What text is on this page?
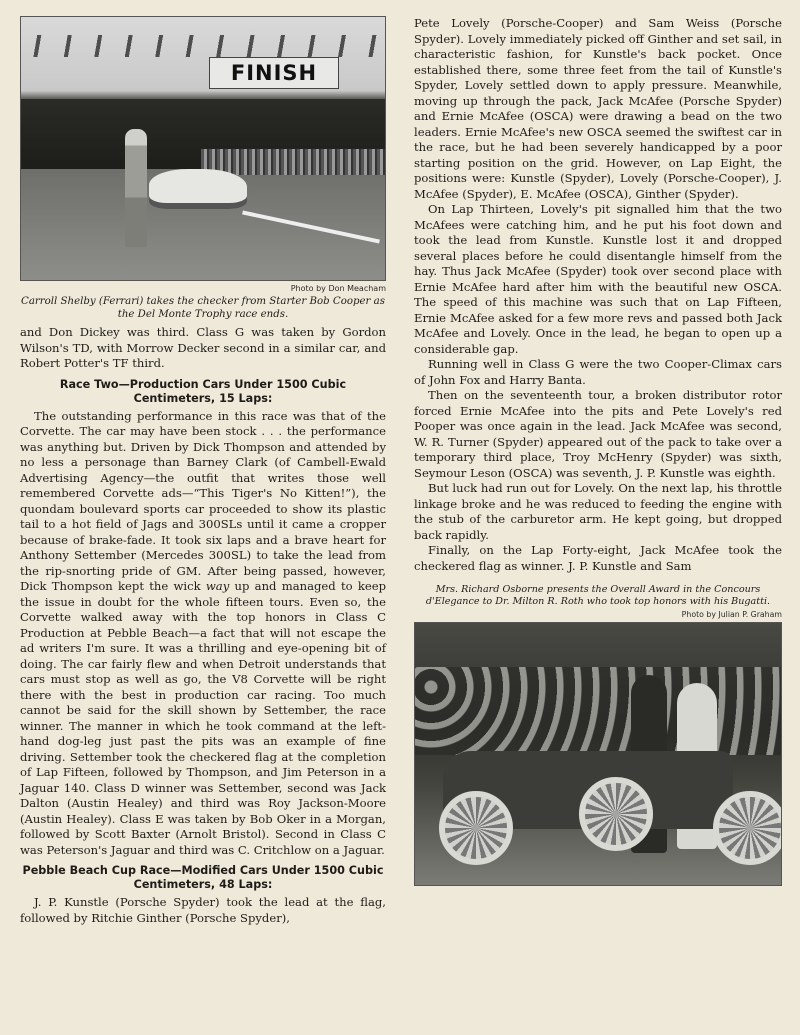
FINISH
Photo by Don Meacham
Carroll Shelby (Ferrari) takes the checker from Starter Bob Cooper as the Del Monte Trophy race ends.

and Don Dickey was third. Class G was taken by Gordon Wilson's TD, with Morrow Decker second in a similar car, and Robert Potter's TF third.

Race Two—Production Cars Under 1500 Cubic Centimeters, 15 Laps:

The outstanding performance in this race was that of the Corvette. The car may have been stock . . . the performance was anything but. Driven by Dick Thompson and attended by no less a personage than Barney Clark (of Cambell-Ewald Advertising Agency—the outfit that writes those well remembered Corvette ads—“This Tiger's No Kitten!”), the quondam boulevard sports car proceeded to show its plastic tail to a hot field of Jags and 300SLs until it came a cropper because of brake-fade. It took six laps and a brave heart for Anthony Settember (Mercedes 300SL) to take the lead from the rip-snorting pride of GM. After being passed, however, Dick Thompson kept the wick way up and managed to keep the issue in doubt for the whole fifteen tours. Even so, the Corvette walked away with the top honors in Class C Production at Pebble Beach—a fact that will not escape the ad writers I'm sure. It was a thrilling and eye-opening bit of doing. The car fairly flew and when Detroit understands that cars must stop as well as go, the V8 Corvette will be right there with the best in production car racing. Too much cannot be said for the skill shown by Settember, the race winner. The manner in which he took command at the left-hand dog-leg just past the pits was an example of fine driving. Settember took the checkered flag at the completion of Lap Fifteen, followed by Thompson, and Jim Peterson in a Jaguar 140. Class D winner was Settember, second was Jack Dalton (Austin Healey) and third was Roy Jackson-Moore (Austin Healey). Class E was taken by Bob Oker in a Morgan, followed by Scott Baxter (Arnolt Bristol). Second in Class C was Peterson's Jaguar and third was C. Critchlow on a Jaguar.

Pebble Beach Cup Race—Modified Cars Under 1500 Cubic Centimeters, 48 Laps:

J. P. Kunstle (Porsche Spyder) took the lead at the flag, followed by Ritchie Ginther (Porsche Spyder),

Pete Lovely (Porsche-Cooper) and Sam Weiss (Porsche Spyder). Lovely immediately picked off Ginther and set sail, in characteristic fashion, for Kunstle's back pocket. Once established there, some three feet from the tail of Kunstle's Spyder, Lovely settled down to apply pressure. Meanwhile, moving up through the pack, Jack McAfee (Porsche Spyder) and Ernie McAfee (OSCA) were drawing a bead on the two leaders. Ernie McAfee's new OSCA seemed the swiftest car in the race, but he had been severely handicapped by a poor starting position on the grid. However, on Lap Eight, the positions were: Kunstle (Spyder), Lovely (Porsche-Cooper), J. McAfee (Spyder), E. McAfee (OSCA), Ginther (Spyder).

On Lap Thirteen, Lovely's pit signalled him that the two McAfees were catching him, and he put his foot down and took the lead from Kunstle. Kunstle lost it and dropped several places before he could disentangle himself from the hay. Thus Jack McAfee (Spyder) took over second place with Ernie McAfee hard after him with the beautiful new OSCA. The speed of this machine was such that on Lap Fifteen, Ernie McAfee asked for a few more revs and passed both Jack McAfee and Lovely. Once in the lead, he began to open up a considerable gap.

Running well in Class G were the two Cooper-Climax cars of John Fox and Harry Banta.

Then on the seventeenth tour, a broken distributor rotor forced Ernie McAfee into the pits and Pete Lovely's red Pooper was once again in the lead. Jack McAfee was second, W. R. Turner (Spyder) appeared out of the pack to take over a temporary third place, Troy McHenry (Spyder) was sixth, Seymour Leson (OSCA) was seventh, J. P. Kunstle was eighth.

But luck had run out for Lovely. On the next lap, his throttle linkage broke and he was reduced to feeding the engine with the stub of the carburetor arm. He kept going, but dropped back rapidly.

Finally, on the Lap Forty-eight, Jack McAfee took the checkered flag as winner. J. P. Kunstle and Sam

Mrs. Richard Osborne presents the Overall Award in the Concours d'Elegance to Dr. Milton R. Roth who took top honors with his Bugatti.
Photo by Julian P. Graham
